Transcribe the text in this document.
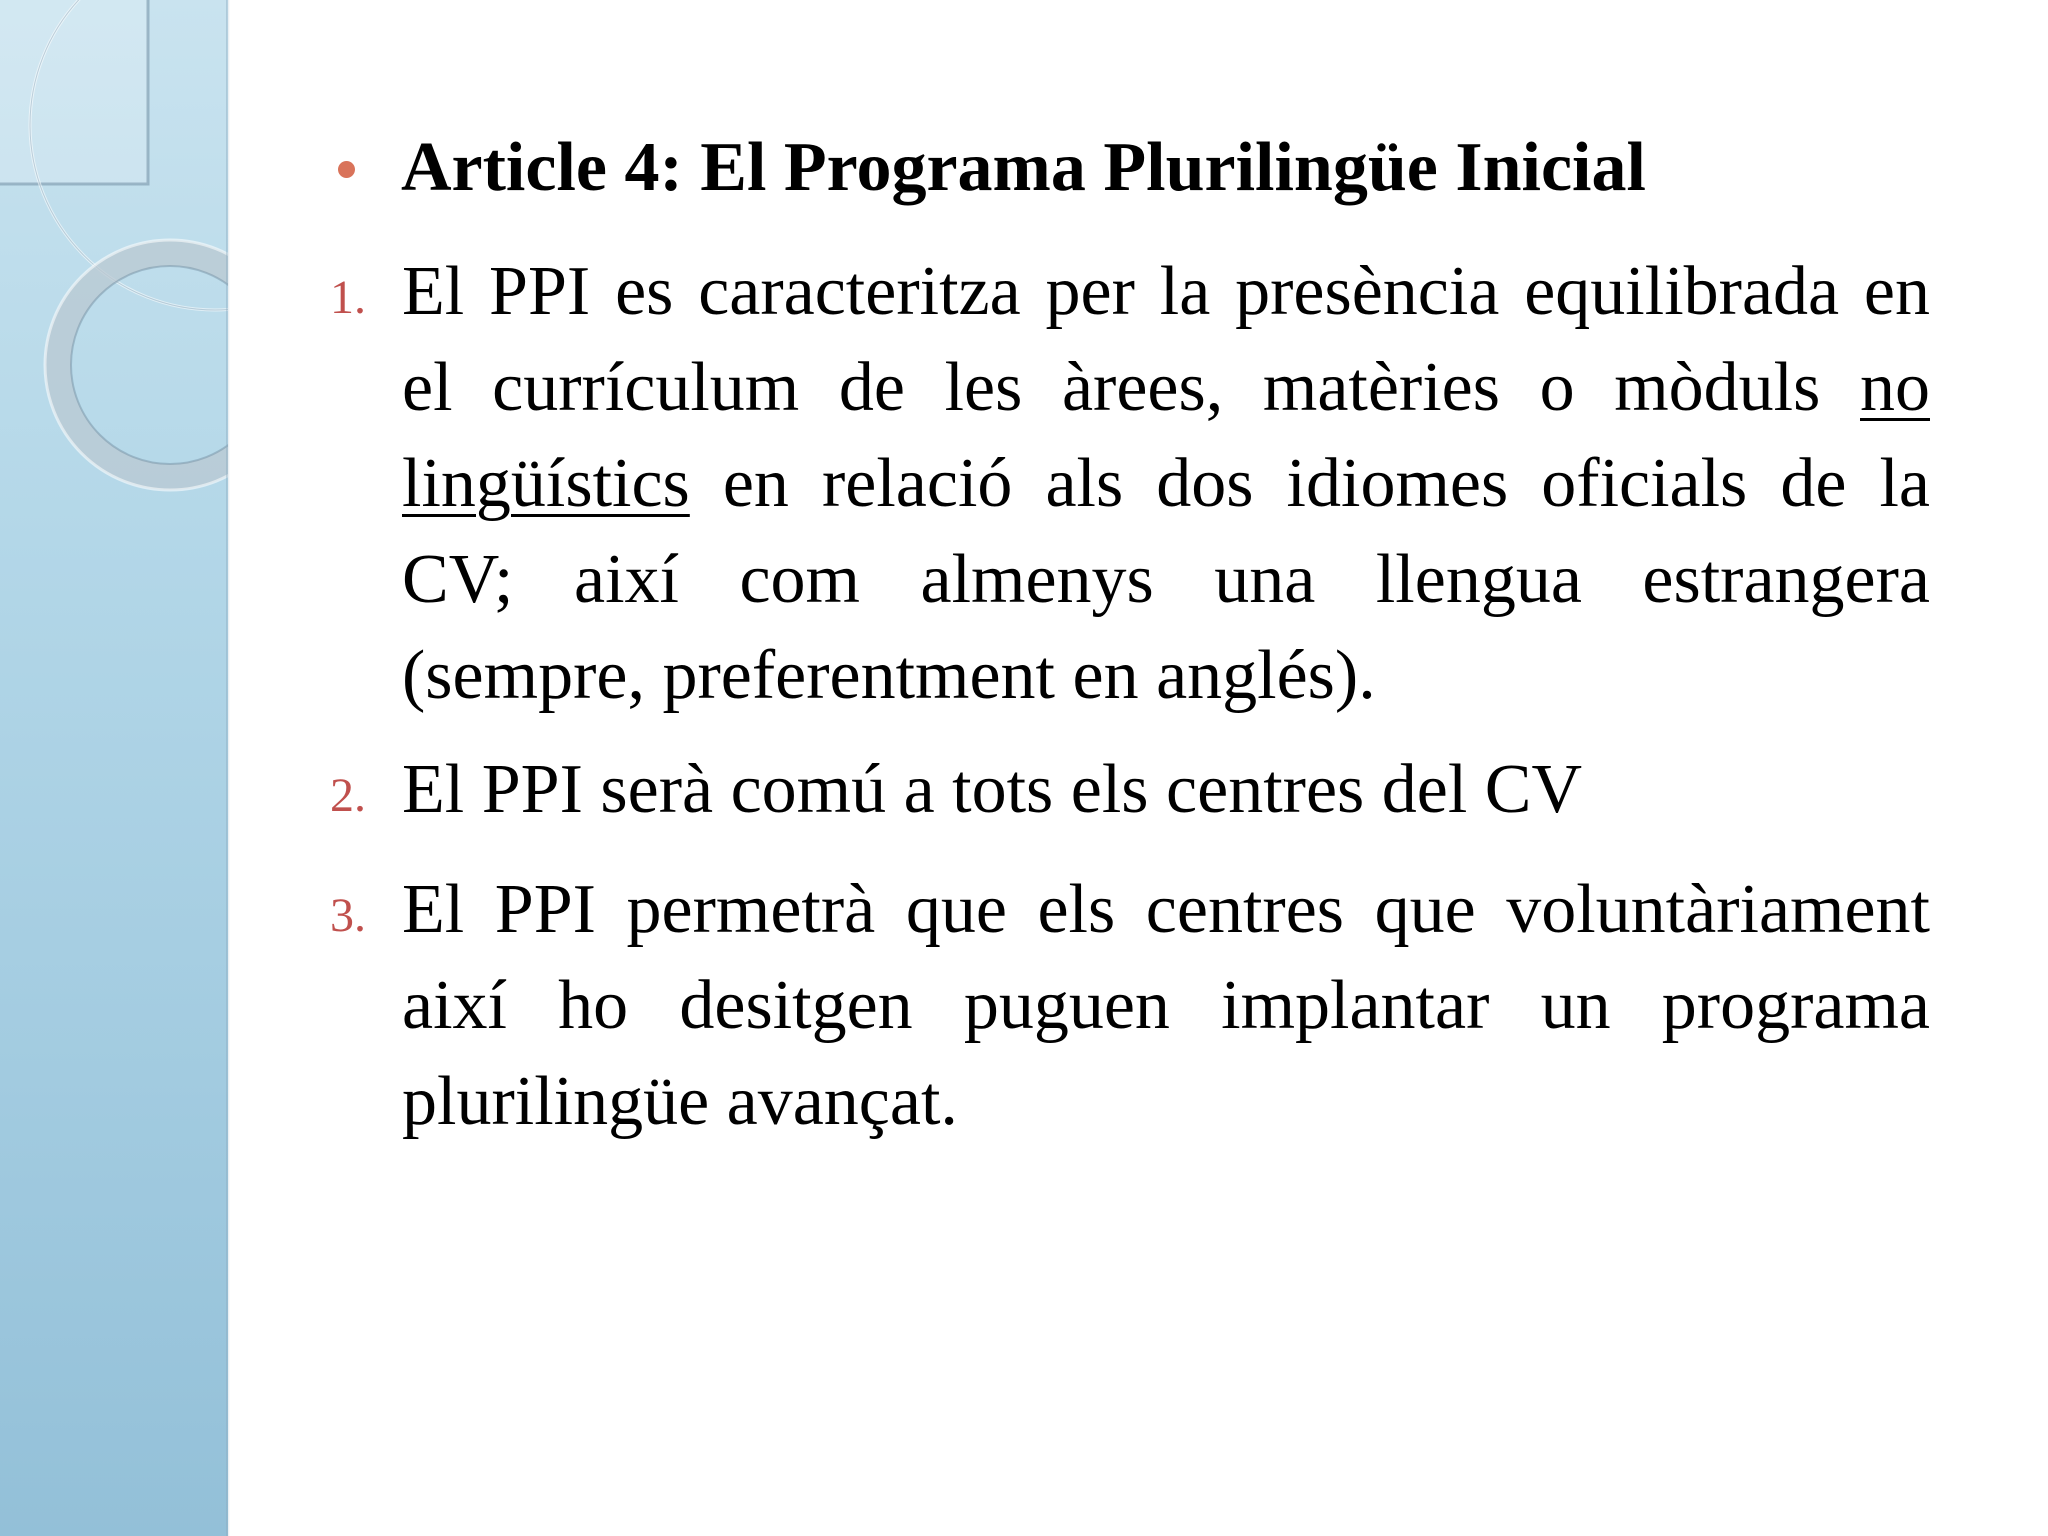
Article 4: El Programa Plurilingüe Inicial
1. El PPI es caracteritza per la presència equilibrada en el currículum de les àrees, matèries o mòduls no lingüístics en relació als dos idiomes oficials de la CV; així com almenys una llengua estrangera (sempre, preferentment en anglés).
2. El PPI serà comú a tots els centres del CV
3. El PPI permetrà que els centres que voluntàriament així ho desitgen puguen implantar un programa plurilingüe avançat.
